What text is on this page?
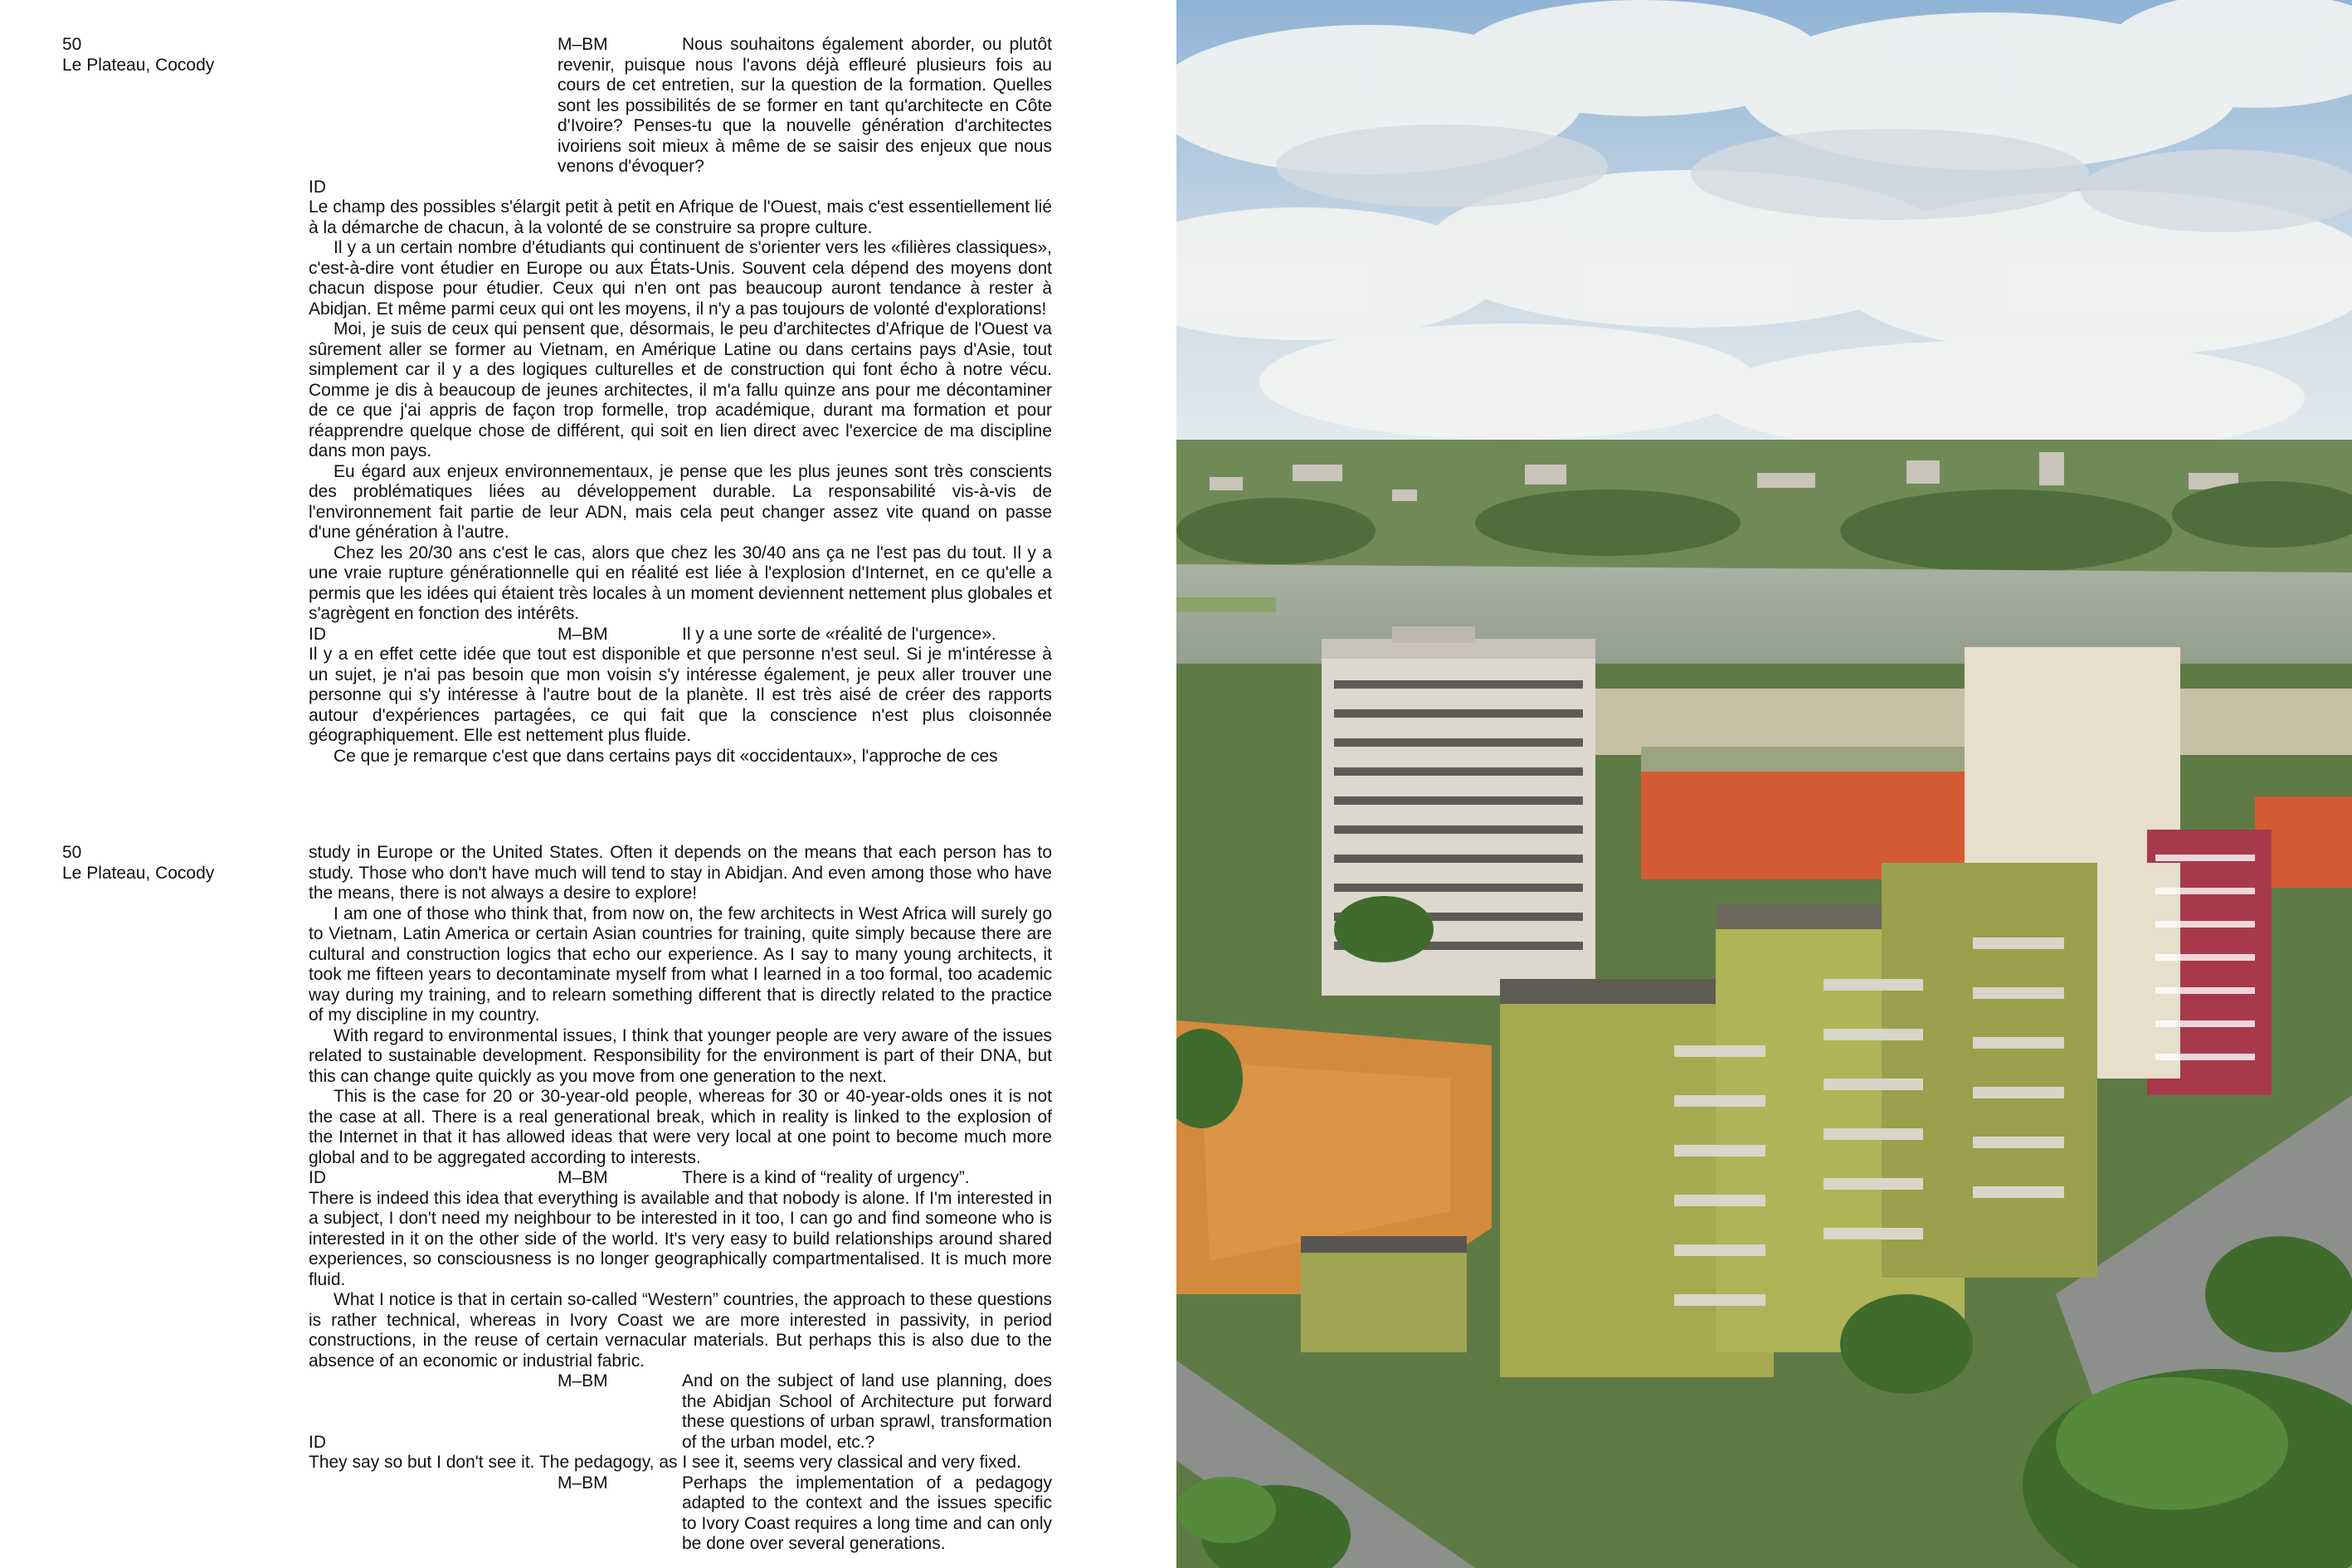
50
Le Plateau, Cocody
M–BM	Nous souhaitons également aborder, ou plutôt revenir, puisque nous l'avons déjà effleuré plusieurs fois au cours de cet entretien, sur la question de la formation. Quelles sont les possibilités de se former en tant qu'architecte en Côte d'Ivoire? Penses-tu que la nouvelle génération d'architectes ivoiriens soit mieux à même de se saisir des enjeux que nous venons d'évoquer?

ID

Le champ des possibles s'élargit petit à petit en Afrique de l'Ouest, mais c'est essentiellement lié à la démarche de chacun, à la volonté de se construire sa propre culture.

Il y a un certain nombre d'étudiants qui continuent de s'orienter vers les «filières classiques», c'est-à-dire vont étudier en Europe ou aux États-Unis. Souvent cela dépend des moyens dont chacun dispose pour étudier. Ceux qui n'en ont pas beaucoup auront tendance à rester à Abidjan. Et même parmi ceux qui ont les moyens, il n'y a pas toujours de volonté d'explorations!

Moi, je suis de ceux qui pensent que, désormais, le peu d'architectes d'Afrique de l'Ouest va sûrement aller se former au Vietnam, en Amérique Latine ou dans certains pays d'Asie, tout simplement car il y a des logiques culturelles et de construction qui font écho à notre vécu. Comme je dis à beaucoup de jeunes architectes, il m'a fallu quinze ans pour me décontaminer de ce que j'ai appris de façon trop formelle, trop académique, durant ma formation et pour réapprendre quelque chose de différent, qui soit en lien direct avec l'exercice de ma discipline dans mon pays.

Eu égard aux enjeux environnementaux, je pense que les plus jeunes sont très conscients des problématiques liées au développement durable. La responsabilité vis-à-vis de l'environnement fait partie de leur ADN, mais cela peut changer assez vite quand on passe d'une génération à l'autre.

Chez les 20/30 ans c'est le cas, alors que chez les 30/40 ans ça ne l'est pas du tout. Il y a une vraie rupture générationnelle qui en réalité est liée à l'explosion d'Internet, en ce qu'elle a permis que les idées qui étaient très locales à un moment deviennent nettement plus globales et s'agrègent en fonction des intérêts.

ID	M–BM	Il y a une sorte de «réalité de l'urgence».

Il y a en effet cette idée que tout est disponible et que personne n'est seul. Si je m'intéresse à un sujet, je n'ai pas besoin que mon voisin s'y intéresse également, je peux aller trouver une personne qui s'y intéresse à l'autre bout de la planète. Il est très aisé de créer des rapports autour d'expériences partagées, ce qui fait que la conscience n'est plus cloisonnée géographiquement. Elle est nettement plus fluide.

Ce que je remarque c'est que dans certains pays dit «occidentaux», l'approche de ces

50
Le Plateau, Cocody

study in Europe or the United States. Often it depends on the means that each person has to study. Those who don't have much will tend to stay in Abidjan. And even among those who have the means, there is not always a desire to explore!

I am one of those who think that, from now on, the few architects in West Africa will surely go to Vietnam, Latin America or certain Asian countries for training, quite simply because there are cultural and construction logics that echo our experience. As I say to many young architects, it took me fifteen years to decontaminate myself from what I learned in a too formal, too academic way during my training, and to relearn something different that is directly related to the practice of my discipline in my country.

With regard to environmental issues, I think that younger people are very aware of the issues related to sustainable development. Responsibility for the environment is part of their DNA, but this can change quite quickly as you move from one generation to the next.

This is the case for 20 or 30-year-old people, whereas for 30 or 40-year-olds ones it is not the case at all. There is a real generational break, which in reality is linked to the explosion of the Internet in that it has allowed ideas that were very local at one point to become much more global and to be aggregated according to interests.

ID	M–BM	There is a kind of “reality of urgency”.

There is indeed this idea that everything is available and that nobody is alone. If I'm interested in a subject, I don't need my neighbour to be interested in it too, I can go and find someone who is interested in it on the other side of the world. It's very easy to build relationships around shared experiences, so consciousness is no longer geographically compartmentalised. It is much more fluid.

What I notice is that in certain so-called “Western” countries, the approach to these questions is rather technical, whereas in Ivory Coast we are more interested in passivity, in period constructions, in the reuse of certain vernacular materials. But perhaps this is also due to the absence of an economic or industrial fabric.

M–BM	And on the subject of land use planning, does the Abidjan School of Architecture put forward these questions of urban sprawl, transformation of the urban model, etc.?

ID

They say so but I don't see it. The pedagogy, as I see it, seems very classical and very fixed.

M–BM	Perhaps the implementation of a pedagogy adapted to the context and the issues specific to Ivory Coast requires a long time and can only be done over several generations.
